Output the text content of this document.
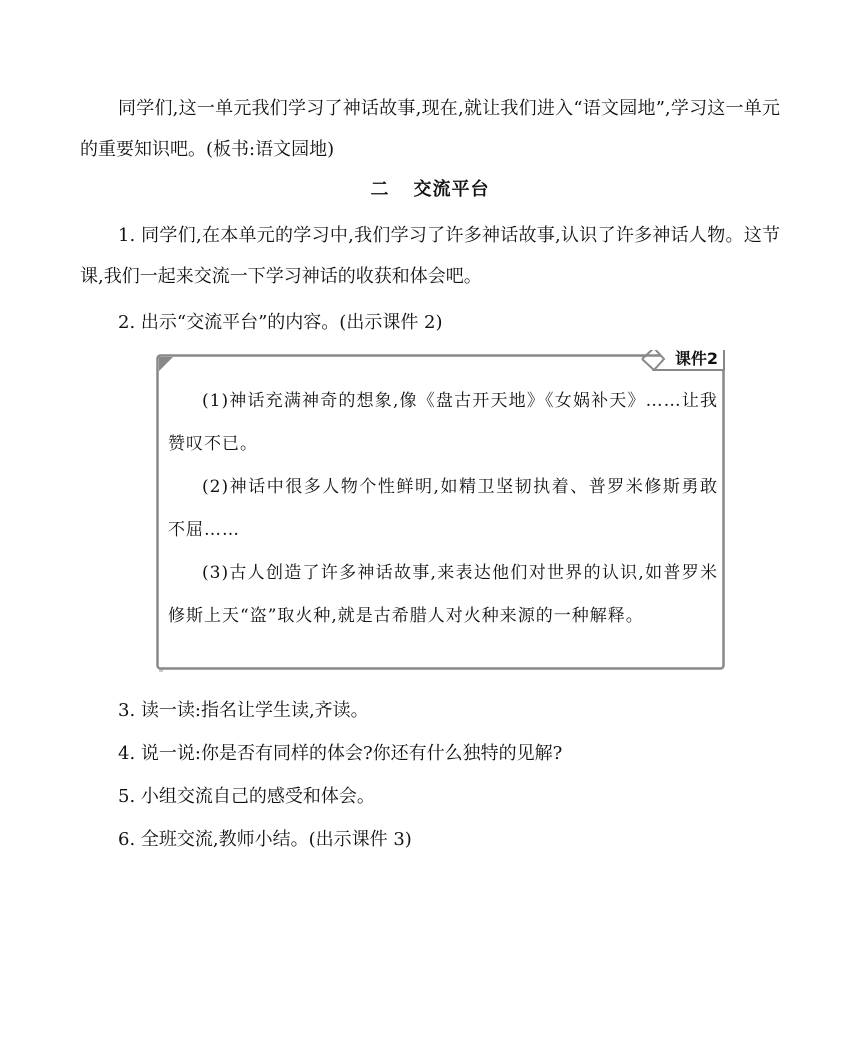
同学们,这一单元我们学习了神话故事,现在,就让我们进入“语文园地”,学习这一单元的重要知识吧。(板书:语文园地)

二 交流平台

1. 同学们,在本单元的学习中,我们学习了许多神话故事,认识了许多神话人物。这节课,我们一起来交流一下学习神话的收获和体会吧。

2. 出示“交流平台”的内容。(出示课件 2)

课件2

(1)神话充满神奇的想象,像《盘古开天地》《女娲补天》……让我赞叹不已。

(2)神话中很多人物个性鲜明,如精卫坚韧执着、普罗米修斯勇敢不屈……

(3)古人创造了许多神话故事,来表达他们对世界的认识,如普罗米修斯上天“盗”取火种,就是古希腊人对火种来源的一种解释。

3. 读一读:指名让学生读,齐读。

4. 说一说:你是否有同样的体会?你还有什么独特的见解?

5. 小组交流自己的感受和体会。

6. 全班交流,教师小结。(出示课件 3)
